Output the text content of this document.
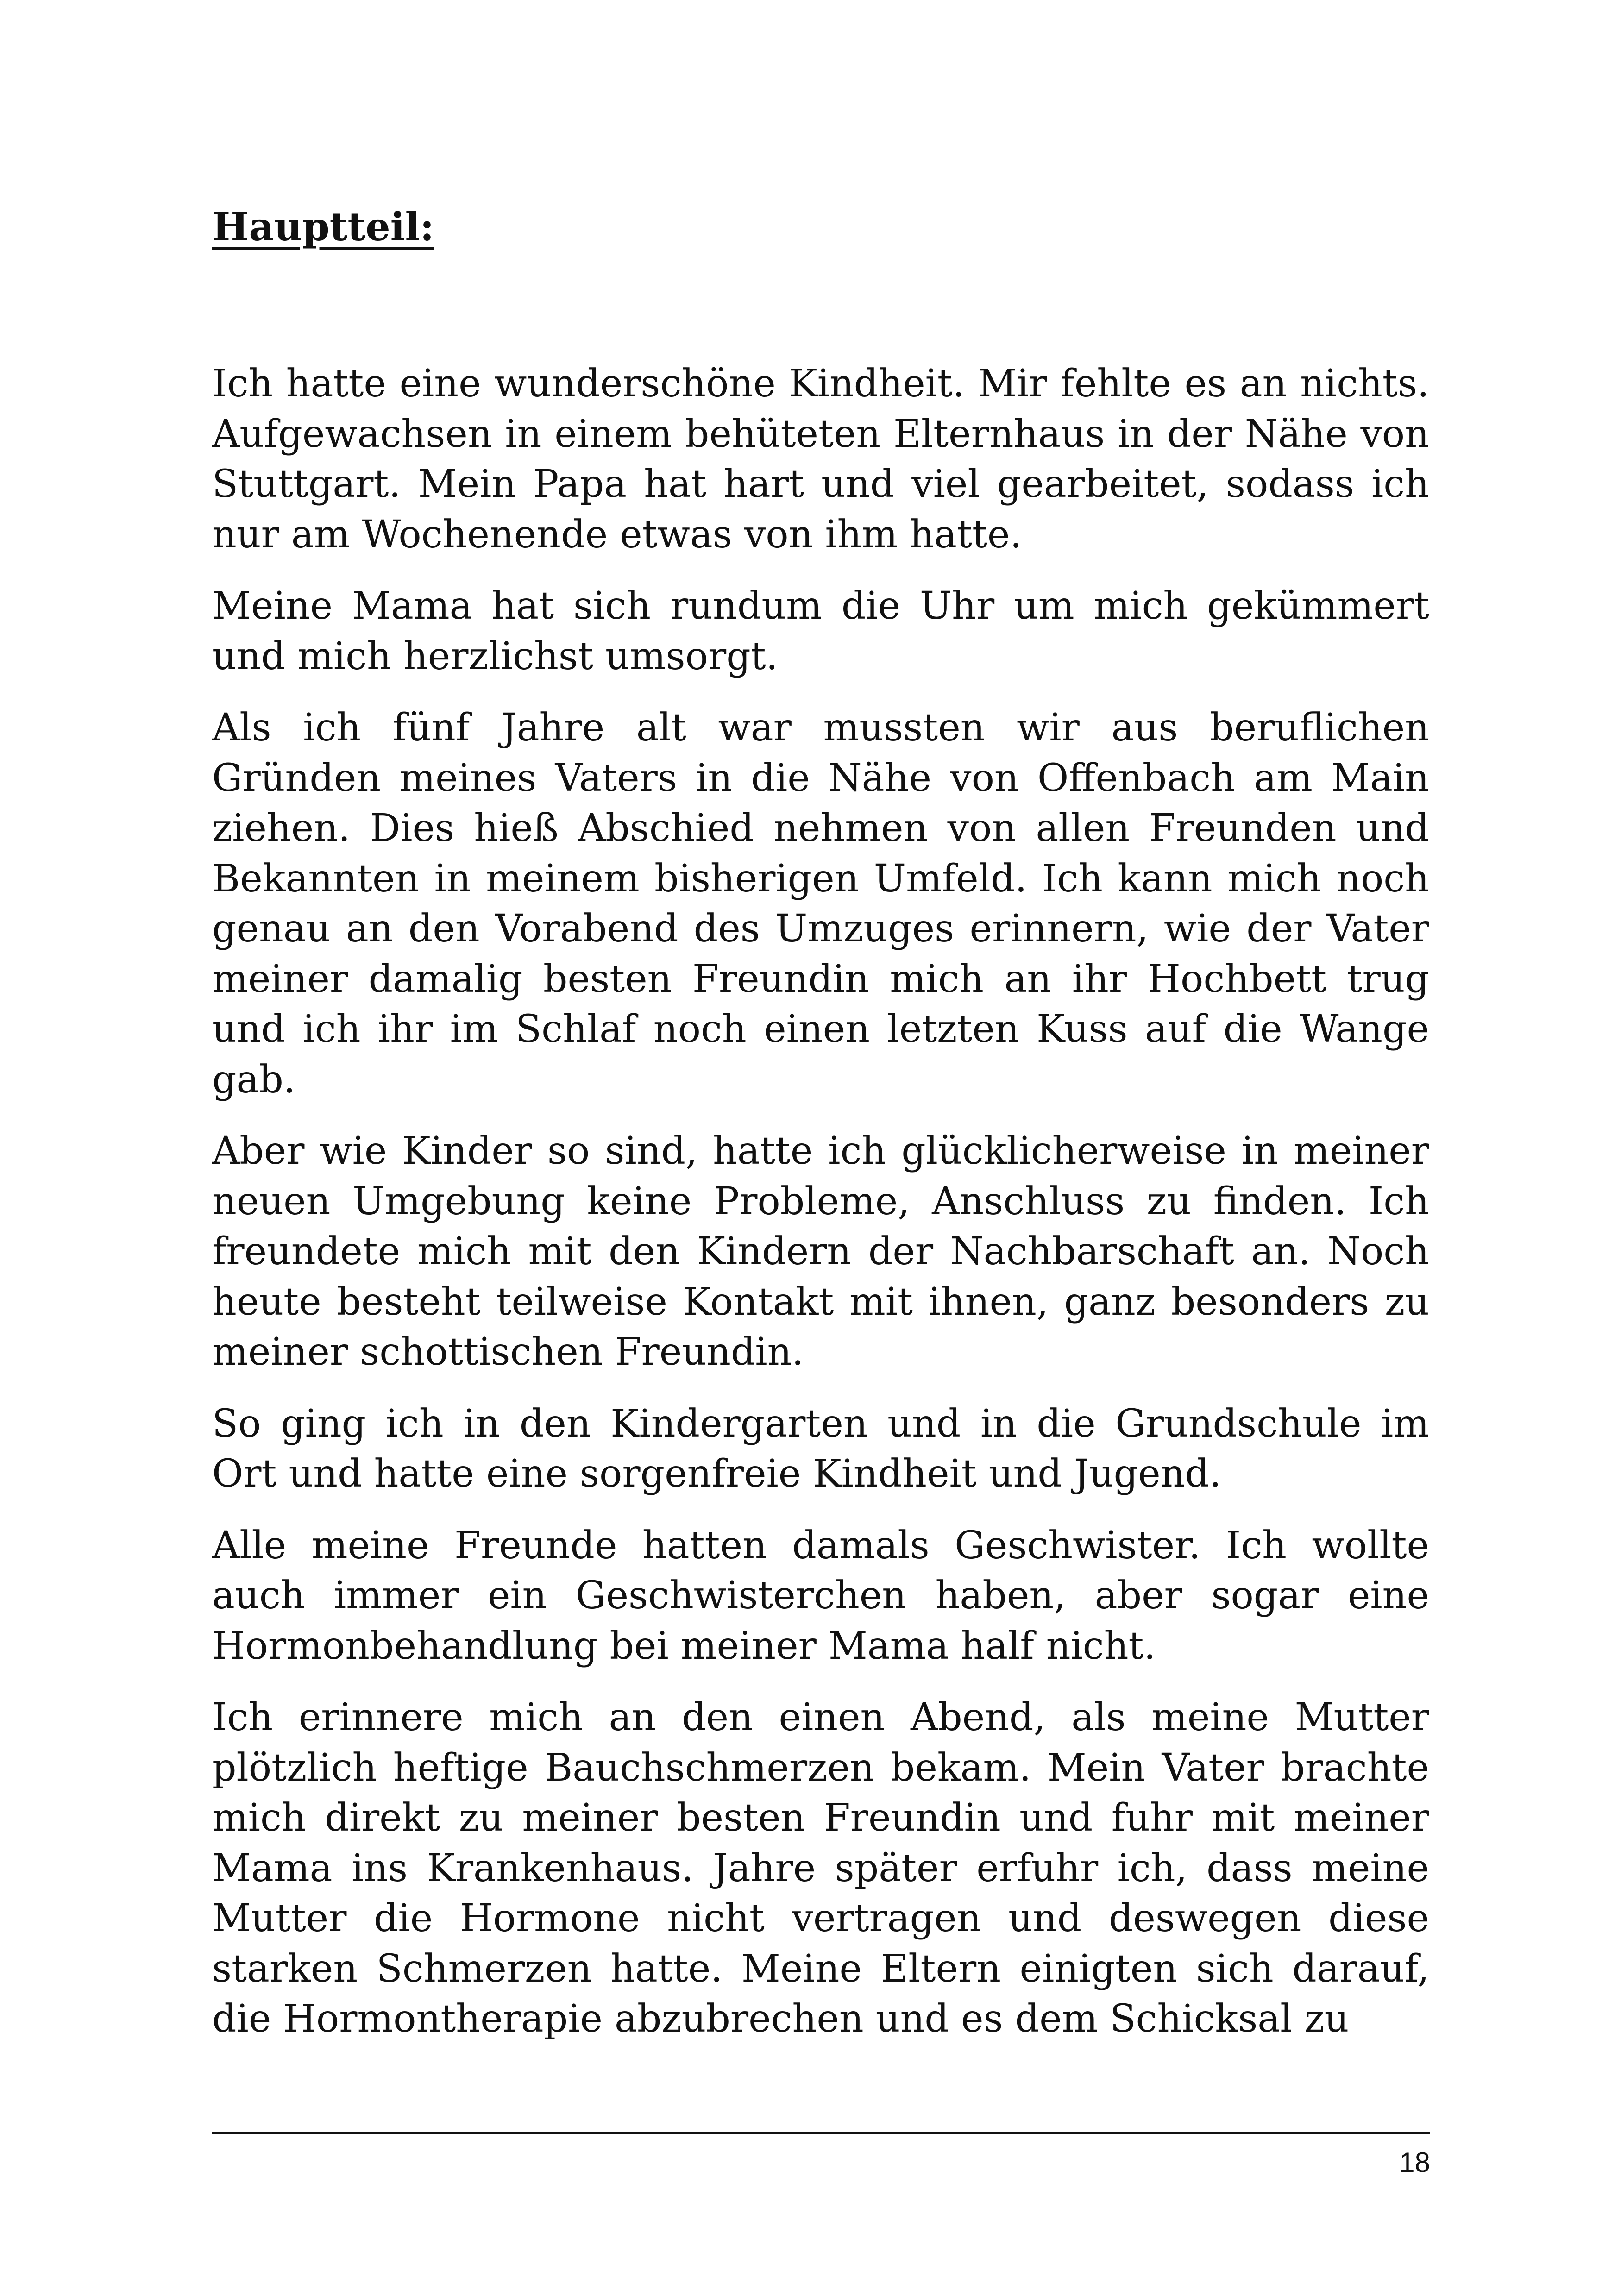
Hauptteil:

Ich hatte eine wunderschöne Kindheit. Mir fehlte es an nichts. Aufgewachsen in einem behüteten Elternhaus in der Nähe von Stuttgart. Mein Papa hat hart und viel gearbeitet, sodass ich nur am Wochenende etwas von ihm hatte.

Meine Mama hat sich rundum die Uhr um mich gekümmert und mich herzlichst umsorgt.

Als ich fünf Jahre alt war mussten wir aus beruflichen Gründen meines Vaters in die Nähe von Offenbach am Main ziehen. Dies hieß Abschied nehmen von allen Freunden und Bekannten in meinem bisherigen Umfeld. Ich kann mich noch genau an den Vorabend des Umzuges erinnern, wie der Vater meiner damalig besten Freundin mich an ihr Hochbett trug und ich ihr im Schlaf noch einen letzten Kuss auf die Wange gab.

Aber wie Kinder so sind, hatte ich glücklicherweise in meiner neuen Umgebung keine Probleme, Anschluss zu finden. Ich freundete mich mit den Kindern der Nachbarschaft an. Noch heute besteht teilweise Kontakt mit ihnen, ganz besonders zu meiner schottischen Freundin.

So ging ich in den Kindergarten und in die Grundschule im Ort und hatte eine sorgenfreie Kindheit und Jugend.

Alle meine Freunde hatten damals Geschwister. Ich wollte auch immer ein Geschwisterchen haben, aber sogar eine Hormonbehandlung bei meiner Mama half nicht.

Ich erinnere mich an den einen Abend, als meine Mutter plötzlich heftige Bauchschmerzen bekam. Mein Vater brachte mich direkt zu meiner besten Freundin und fuhr mit meiner Mama ins Krankenhaus. Jahre später erfuhr ich, dass meine Mutter die Hormone nicht vertragen und deswegen diese starken Schmerzen hatte. Meine Eltern einigten sich darauf, die Hormontherapie abzubrechen und es dem Schicksal zu

18
